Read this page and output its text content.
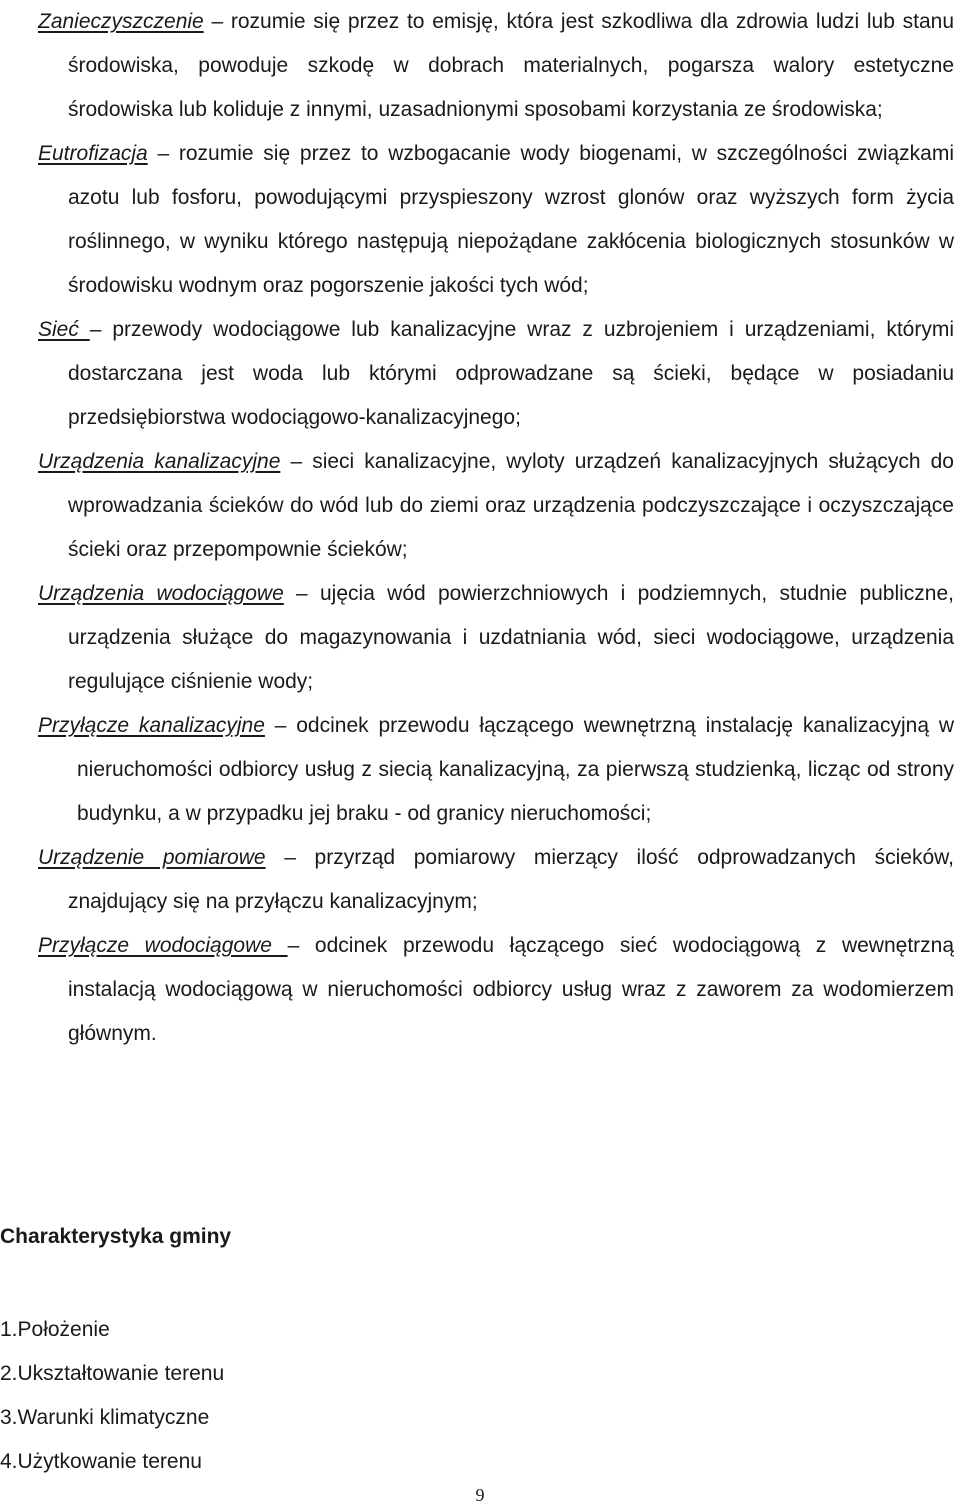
Zanieczyszczenie – rozumie się przez to emisję, która jest szkodliwa dla zdrowia ludzi lub stanu środowiska, powoduje szkodę w dobrach materialnych, pogarsza walory estetyczne środowiska lub koliduje z innymi, uzasadnionymi sposobami korzystania ze środowiska;

Eutrofizacja – rozumie się przez to wzbogacanie wody biogenami, w szczególności związkami azotu lub fosforu, powodującymi przyspieszony wzrost glonów oraz wyższych form życia roślinnego, w wyniku którego następują niepożądane zakłócenia biologicznych stosunków w środowisku wodnym oraz pogorszenie jakości tych wód;

Sieć – przewody wodociągowe lub kanalizacyjne wraz z uzbrojeniem i urządzeniami, którymi dostarczana jest woda lub którymi odprowadzane są ścieki, będące w posiadaniu przedsiębiorstwa wodociągowo-kanalizacyjnego;

Urządzenia kanalizacyjne – sieci kanalizacyjne, wyloty urządzeń kanalizacyjnych służących do wprowadzania ścieków do wód lub do ziemi oraz urządzenia podczyszczające i oczyszczające ścieki oraz przepompownie ścieków;

Urządzenia wodociągowe – ujęcia wód powierzchniowych i podziemnych, studnie publiczne, urządzenia służące do magazynowania i uzdatniania wód, sieci wodociągowe, urządzenia regulujące ciśnienie wody;

Przyłącze kanalizacyjne – odcinek przewodu łączącego wewnętrzną instalację kanalizacyjną w nieruchomości odbiorcy usług z siecią kanalizacyjną, za pierwszą studzienką, licząc od strony budynku, a w przypadku jej braku - od granicy nieruchomości;

Urządzenie pomiarowe – przyrząd pomiarowy mierzący ilość odprowadzanych ścieków, znajdujący się na przyłączu kanalizacyjnym;

Przyłącze wodociągowe – odcinek przewodu łączącego sieć wodociągową z wewnętrzną instalacją wodociągową w nieruchomości odbiorcy usług wraz z zaworem za wodomierzem głównym.

Charakterystyka gminy
1.Położenie
2.Ukształtowanie terenu
3.Warunki klimatyczne
4.Użytkowanie terenu
9
